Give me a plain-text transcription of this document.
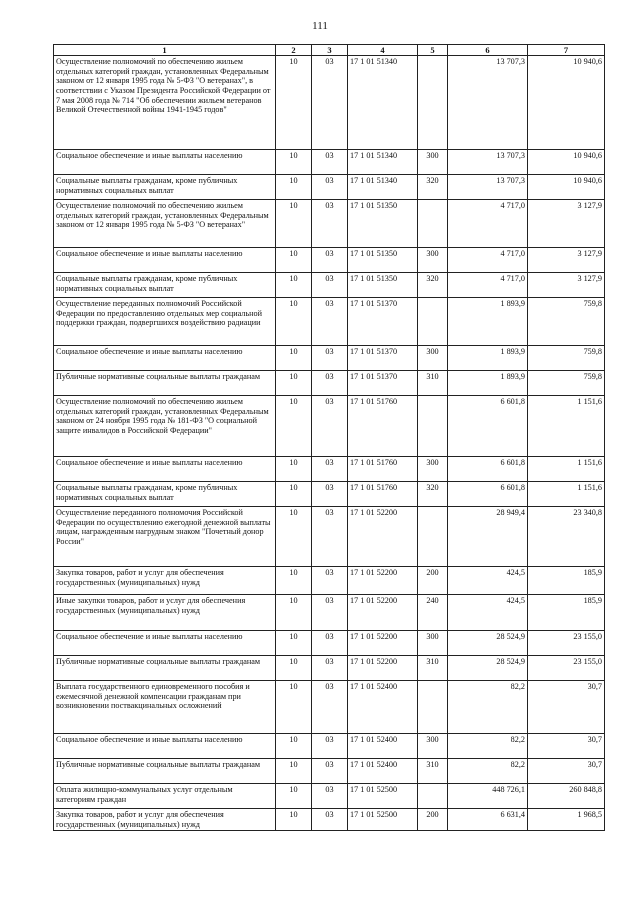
111
1	2	3	4	5	6	7
Осуществление полномочий по обеспечению жильем отдельных категорий граждан, установленных Федеральным законом от 12 января 1995 года № 5-ФЗ "О ветеранах", в соответствии с Указом Президента Российской Федерации от 7 мая 2008 года № 714 "Об обеспечении жильем ветеранов Великой Отечественной войны 1941-1945 годов"	10	03	17 1 01 51340		13 707,3	10 940,6
Социальное обеспечение и иные выплаты населению	10	03	17 1 01 51340	300	13 707,3	10 940,6
Социальные выплаты гражданам, кроме публичных нормативных социальных выплат	10	03	17 1 01 51340	320	13 707,3	10 940,6
Осуществление полномочий по обеспечению жильем отдельных категорий граждан, установленных Федеральным законом от 12 января 1995 года № 5-ФЗ "О ветеранах"	10	03	17 1 01 51350		4 717,0	3 127,9
Социальное обеспечение и иные выплаты населению	10	03	17 1 01 51350	300	4 717,0	3 127,9
Социальные выплаты гражданам, кроме публичных нормативных социальных выплат	10	03	17 1 01 51350	320	4 717,0	3 127,9
Осуществление переданных полномочий Российской Федерации по предоставлению отдельных мер социальной поддержки граждан, подвергшихся воздействию радиации	10	03	17 1 01 51370		1 893,9	759,8
Социальное обеспечение и иные выплаты населению	10	03	17 1 01 51370	300	1 893,9	759,8
Публичные нормативные социальные выплаты гражданам	10	03	17 1 01 51370	310	1 893,9	759,8
Осуществление полномочий по обеспечению жильем отдельных категорий граждан, установленных Федеральным законом от 24 ноября 1995 года № 181-ФЗ "О социальной защите инвалидов в Российской Федерации"	10	03	17 1 01 51760		6 601,8	1 151,6
Социальное обеспечение и иные выплаты населению	10	03	17 1 01 51760	300	6 601,8	1 151,6
Социальные выплаты гражданам, кроме публичных нормативных социальных выплат	10	03	17 1 01 51760	320	6 601,8	1 151,6
Осуществление переданного полномочия Российской Федерации по осуществлению ежегодной денежной выплаты лицам, награжденным нагрудным знаком "Почетный донор России"	10	03	17 1 01 52200		28 949,4	23 340,8
Закупка товаров, работ и услуг для обеспечения государственных (муниципальных) нужд	10	03	17 1 01 52200	200	424,5	185,9
Иные закупки товаров, работ и услуг для обеспечения государственных (муниципальных) нужд	10	03	17 1 01 52200	240	424,5	185,9
Социальное обеспечение и иные выплаты населению	10	03	17 1 01 52200	300	28 524,9	23 155,0
Публичные нормативные социальные выплаты гражданам	10	03	17 1 01 52200	310	28 524,9	23 155,0
Выплата государственного единовременного пособия и ежемесячной денежной компенсации гражданам при возникновении поствакцинальных осложнений	10	03	17 1 01 52400		82,2	30,7
Социальное обеспечение и иные выплаты населению	10	03	17 1 01 52400	300	82,2	30,7
Публичные нормативные социальные выплаты гражданам	10	03	17 1 01 52400	310	82,2	30,7
Оплата жилищно-коммунальных услуг отдельным категориям граждан	10	03	17 1 01 52500		448 726,1	260 848,8
Закупка товаров, работ и услуг для обеспечения государственных (муниципальных) нужд	10	03	17 1 01 52500	200	6 631,4	1 968,5
